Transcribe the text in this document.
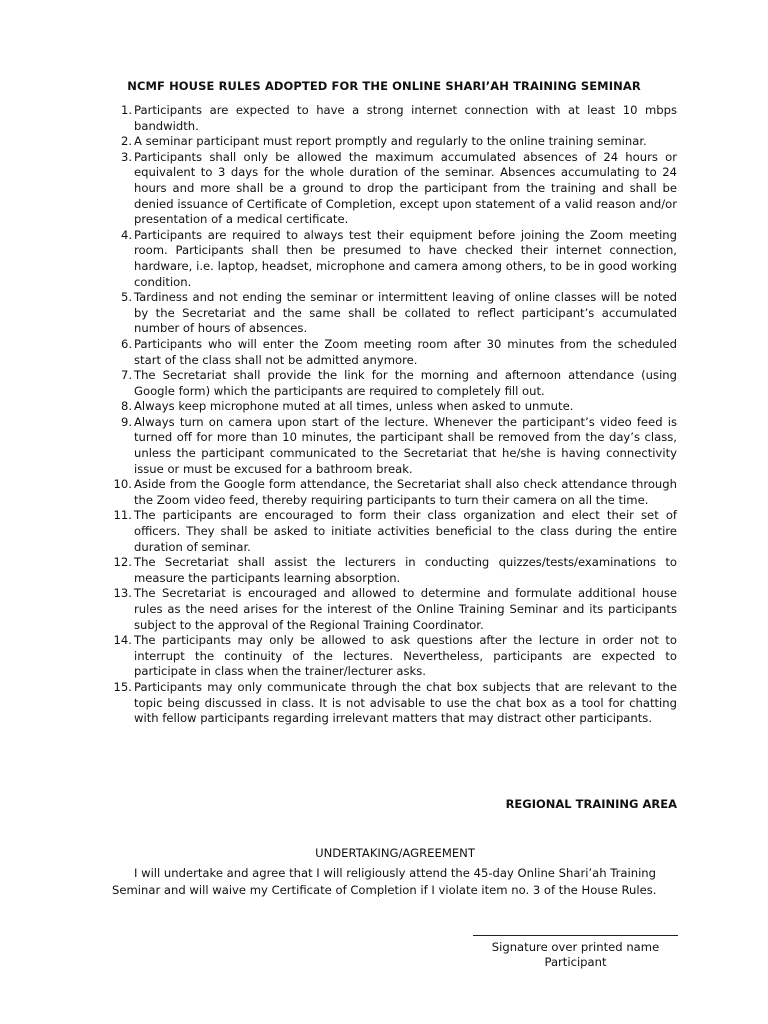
NCMF HOUSE RULES ADOPTED FOR THE ONLINE SHARI’AH TRAINING SEMINAR
1. Participants are expected to have a strong internet connection with at least 10 mbps bandwidth.
2. A seminar participant must report promptly and regularly to the online training seminar.
3. Participants shall only be allowed the maximum accumulated absences of 24 hours or equivalent to 3 days for the whole duration of the seminar. Absences accumulating to 24 hours and more shall be a ground to drop the participant from the training and shall be denied issuance of Certificate of Completion, except upon statement of a valid reason and/or presentation of a medical certificate.
4. Participants are required to always test their equipment before joining the Zoom meeting room. Participants shall then be presumed to have checked their internet connection, hardware, i.e. laptop, headset, microphone and camera among others, to be in good working condition.
5. Tardiness and not ending the seminar or intermittent leaving of online classes will be noted by the Secretariat and the same shall be collated to reflect participant’s accumulated number of hours of absences.
6. Participants who will enter the Zoom meeting room after 30 minutes from the scheduled start of the class shall not be admitted anymore.
7. The Secretariat shall provide the link for the morning and afternoon attendance (using Google form) which the participants are required to completely fill out.
8. Always keep microphone muted at all times, unless when asked to unmute.
9. Always turn on camera upon start of the lecture. Whenever the participant’s video feed is turned off for more than 10 minutes, the participant shall be removed from the day’s class, unless the participant communicated to the Secretariat that he/she is having connectivity issue or must be excused for a bathroom break.
10. Aside from the Google form attendance, the Secretariat shall also check attendance through the Zoom video feed, thereby requiring participants to turn their camera on all the time.
11. The participants are encouraged to form their class organization and elect their set of officers. They shall be asked to initiate activities beneficial to the class during the entire duration of seminar.
12. The Secretariat shall assist the lecturers in conducting quizzes/tests/examinations to measure the participants learning absorption.
13. The Secretariat is encouraged and allowed to determine and formulate additional house rules as the need arises for the interest of the Online Training Seminar and its participants subject to the approval of the Regional Training Coordinator.
14. The participants may only be allowed to ask questions after the lecture in order not to interrupt the continuity of the lectures. Nevertheless, participants are expected to participate in class when the trainer/lecturer asks.
15. Participants may only communicate through the chat box subjects that are relevant to the topic being discussed in class. It is not advisable to use the chat box as a tool for chatting with fellow participants regarding irrelevant matters that may distract other participants.
REGIONAL TRAINING AREA
UNDERTAKING/AGREEMENT
I will undertake and agree that I will religiously attend the 45-day Online Shari’ah Training Seminar and will waive my Certificate of Completion if I violate item no. 3 of the House Rules.
Signature over printed name
Participant
